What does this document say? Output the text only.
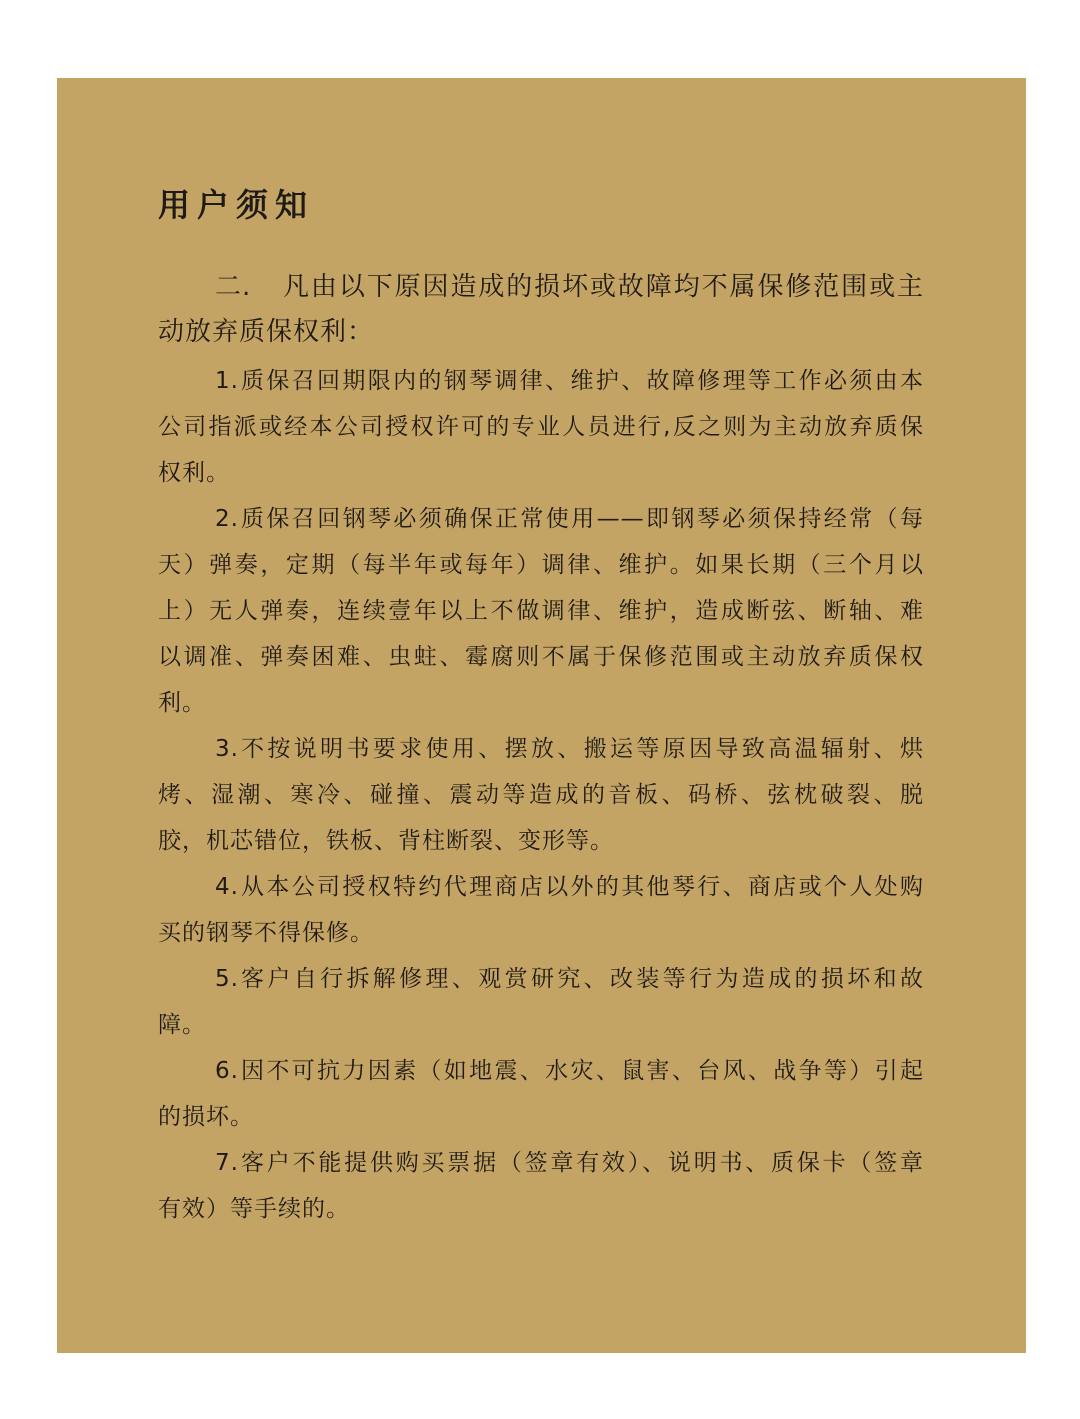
用户须知
二.	凡由以下原因造成的损坏或故障均不属保修范围或主
动放弃质保权利：
1. 质保召回期限内的钢琴调律、维护、故障修理等工作必须由本
公司指派或经本公司授权许可的专业人员进行,反之则为主动放弃质保
权利。
2. 质保召回钢琴必须确保正常使用——即钢琴必须保持经常（每
天）弹奏，定期（每半年或每年）调律、维护。如果长期（三个月以
上）无人弹奏，连续壹年以上不做调律、维护，造成断弦、断轴、难
以调准、弹奏困难、虫蛀、霉腐则不属于保修范围或主动放弃质保权
利。
3. 不按说明书要求使用、摆放、搬运等原因导致高温辐射、烘
烤、湿潮、寒冷、碰撞、震动等造成的音板、码桥、弦枕破裂、脱
胶，机芯错位，铁板、背柱断裂、变形等。
4. 从本公司授权特约代理商店以外的其他琴行、商店或个人处购
买的钢琴不得保修。
5. 客户自行拆解修理、观赏研究、改装等行为造成的损坏和故
障。
6. 因不可抗力因素（如地震、水灾、鼠害、台风、战争等）引起
的损坏。
7. 客户不能提供购买票据（签章有效）、说明书、质保卡（签章
有效）等手续的。
